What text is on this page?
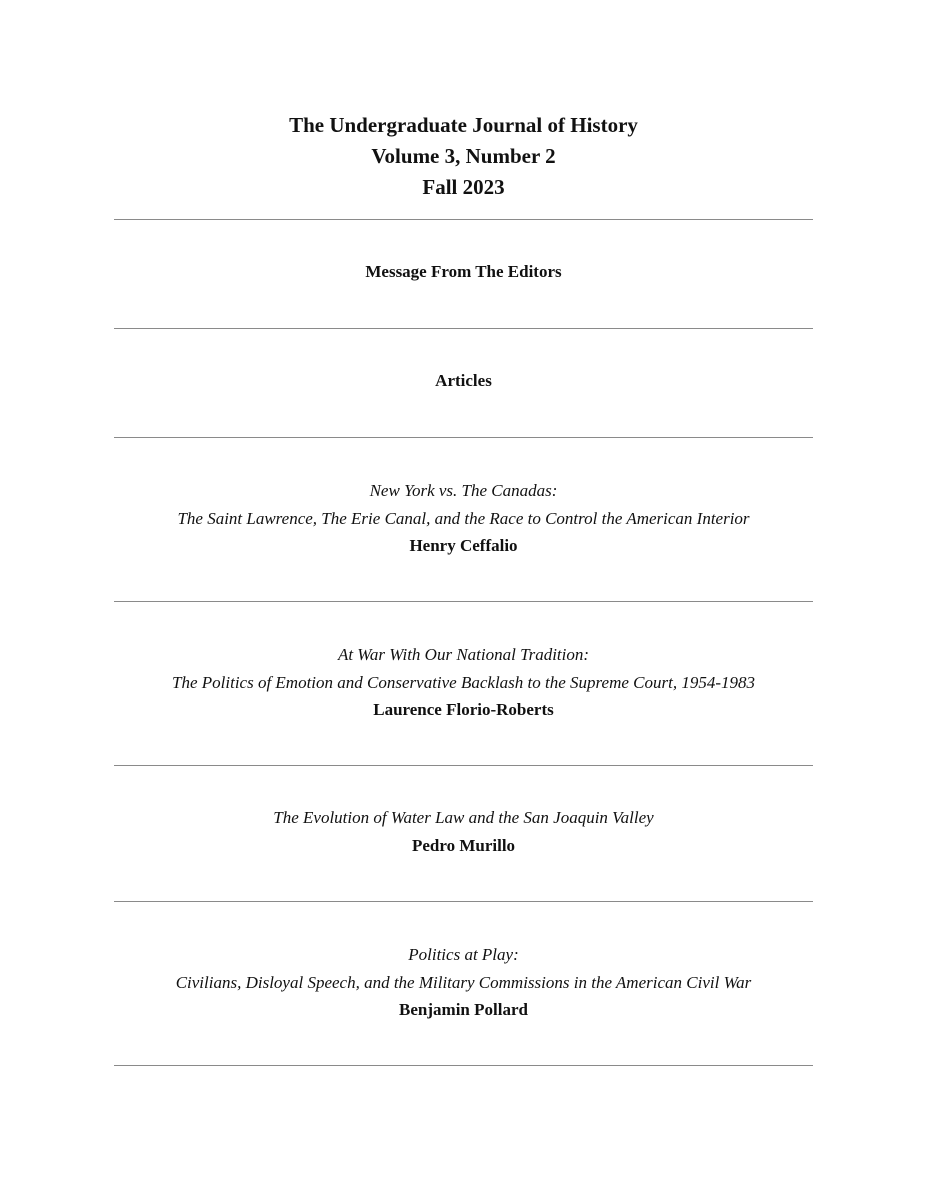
The Undergraduate Journal of History
Volume 3, Number 2
Fall 2023
Message From The Editors
Articles
New York vs. The Canadas:
The Saint Lawrence, The Erie Canal, and the Race to Control the American Interior
Henry Ceffalio
At War With Our National Tradition:
The Politics of Emotion and Conservative Backlash to the Supreme Court, 1954-1983
Laurence Florio-Roberts
The Evolution of Water Law and the San Joaquin Valley
Pedro Murillo
Politics at Play:
Civilians, Disloyal Speech, and the Military Commissions in the American Civil War
Benjamin Pollard
